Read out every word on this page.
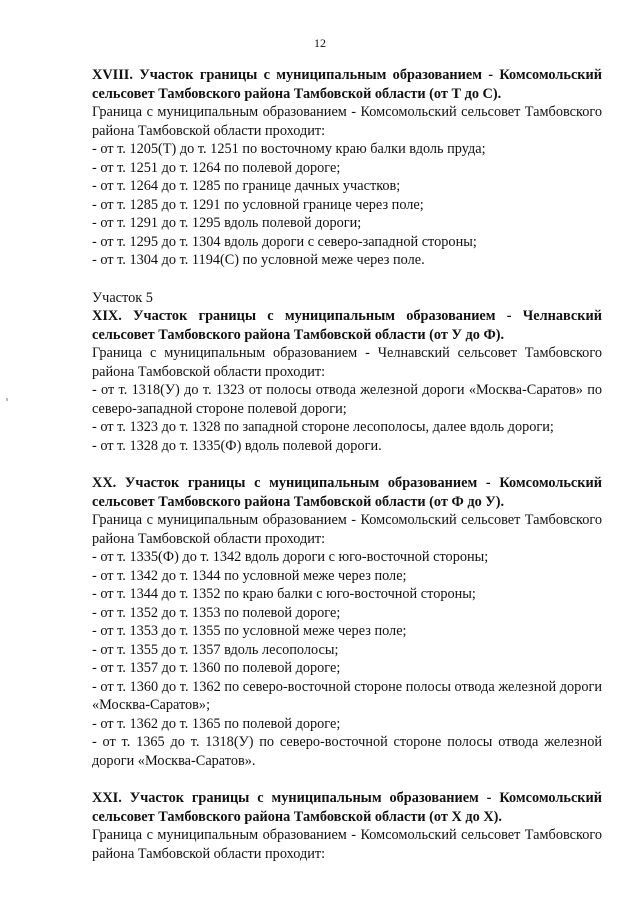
12
XVIII. Участок границы с муниципальным образованием - Комсомольский сельсовет Тамбовского района Тамбовской области (от Т до С).
Граница с муниципальным образованием - Комсомольский сельсовет Тамбовского района Тамбовской области проходит:
- от т. 1205(Т) до т. 1251 по восточному краю балки вдоль пруда;
- от т. 1251 до т. 1264 по полевой дороге;
- от т. 1264 до т. 1285 по границе дачных участков;
- от т. 1285 до т. 1291 по условной границе через поле;
- от т. 1291 до т. 1295 вдоль полевой дороги;
- от т. 1295 до т. 1304 вдоль дороги с северо-западной стороны;
- от т. 1304 до т. 1194(С) по условной меже через поле.
Участок 5
XIX. Участок границы с муниципальным образованием - Челнавский сельсовет Тамбовского района Тамбовской области (от У до Ф).
Граница с муниципальным образованием - Челнавский сельсовет Тамбовского района Тамбовской области проходит:
- от т. 1318(У) до т. 1323 от полосы отвода железной дороги «Москва-Саратов» по северо-западной стороне полевой дороги;
- от т. 1323 до т. 1328 по западной стороне лесополосы, далее вдоль дороги;
- от т. 1328 до т. 1335(Ф) вдоль полевой дороги.
XX. Участок границы с муниципальным образованием - Комсомольский сельсовет Тамбовского района Тамбовской области (от Ф до У).
Граница с муниципальным образованием - Комсомольский сельсовет Тамбовского района Тамбовской области проходит:
- от т. 1335(Ф) до т. 1342 вдоль дороги с юго-восточной стороны;
- от т. 1342 до т. 1344 по условной меже через поле;
- от т. 1344 до т. 1352 по краю балки с юго-восточной стороны;
- от т. 1352 до т. 1353 по полевой дороге;
- от т. 1353 до т. 1355 по условной меже через поле;
- от т. 1355 до т. 1357 вдоль лесополосы;
- от т. 1357 до т. 1360 по полевой дороге;
- от т. 1360 до т. 1362 по северо-восточной стороне полосы отвода железной дороги «Москва-Саратов»;
- от т. 1362 до т. 1365 по полевой дороге;
- от т. 1365 до т. 1318(У) по северо-восточной стороне полосы отвода железной дороги «Москва-Саратов».
XXI. Участок границы с муниципальным образованием - Комсомольский сельсовет Тамбовского района Тамбовской области (от Х до Х).
Граница с муниципальным образованием - Комсомольский сельсовет Тамбовского района Тамбовской области проходит:
